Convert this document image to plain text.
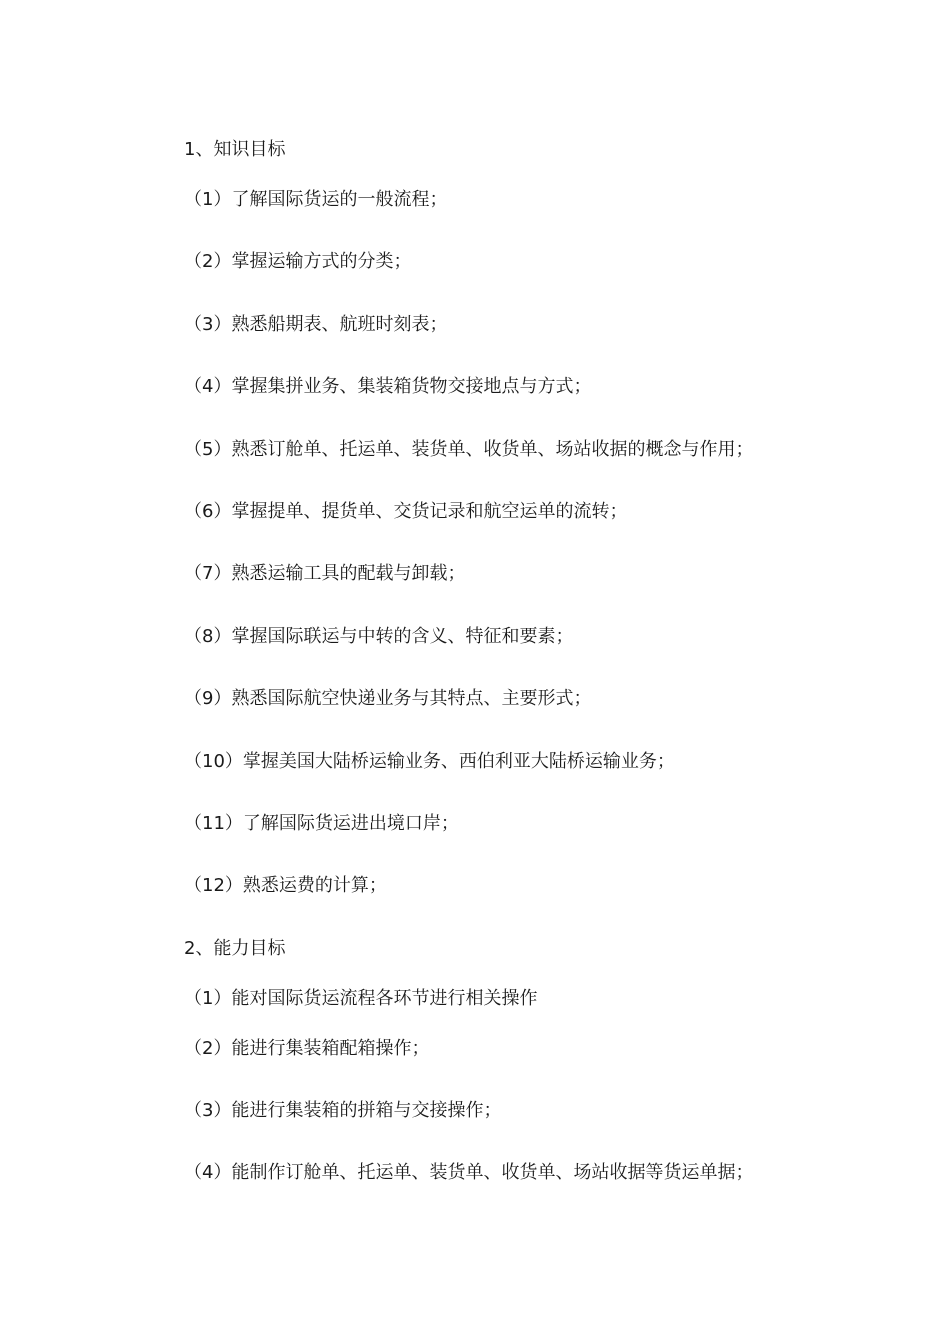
1、知识目标
（1）了解国际货运的一般流程；
（2）掌握运输方式的分类；
（3）熟悉船期表、航班时刻表；
（4）掌握集拼业务、集装箱货物交接地点与方式；
（5）熟悉订舱单、托运单、装货单、收货单、场站收据的概念与作用；
（6）掌握提单、提货单、交货记录和航空运单的流转；
（7）熟悉运输工具的配载与卸载；
（8）掌握国际联运与中转的含义、特征和要素；
（9）熟悉国际航空快递业务与其特点、主要形式；
（10）掌握美国大陆桥运输业务、西伯利亚大陆桥运输业务；
（11）了解国际货运进出境口岸；
（12）熟悉运费的计算；
2、能力目标
（1）能对国际货运流程各环节进行相关操作
（2）能进行集装箱配箱操作；
（3）能进行集装箱的拼箱与交接操作；
（4）能制作订舱单、托运单、装货单、收货单、场站收据等货运单据；
